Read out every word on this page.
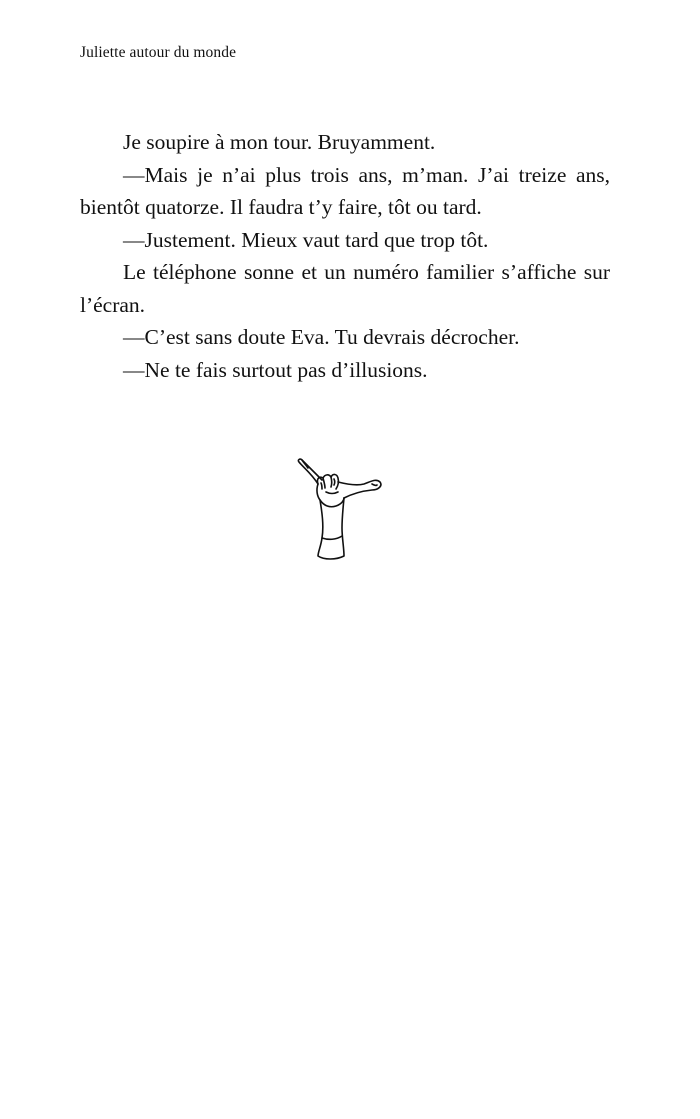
Juliette autour du monde

Je soupire à mon tour. Bruyamment.

—Mais je n’ai plus trois ans, m’man. J’ai treize ans, bientôt quatorze. Il faudra t’y faire, tôt ou tard.

—Justement. Mieux vaut tard que trop tôt.

Le téléphone sonne et un numéro familier s’affiche sur l’écran.

—C’est sans doute Eva. Tu devrais décrocher.

—Ne te fais surtout pas d’illusions.
